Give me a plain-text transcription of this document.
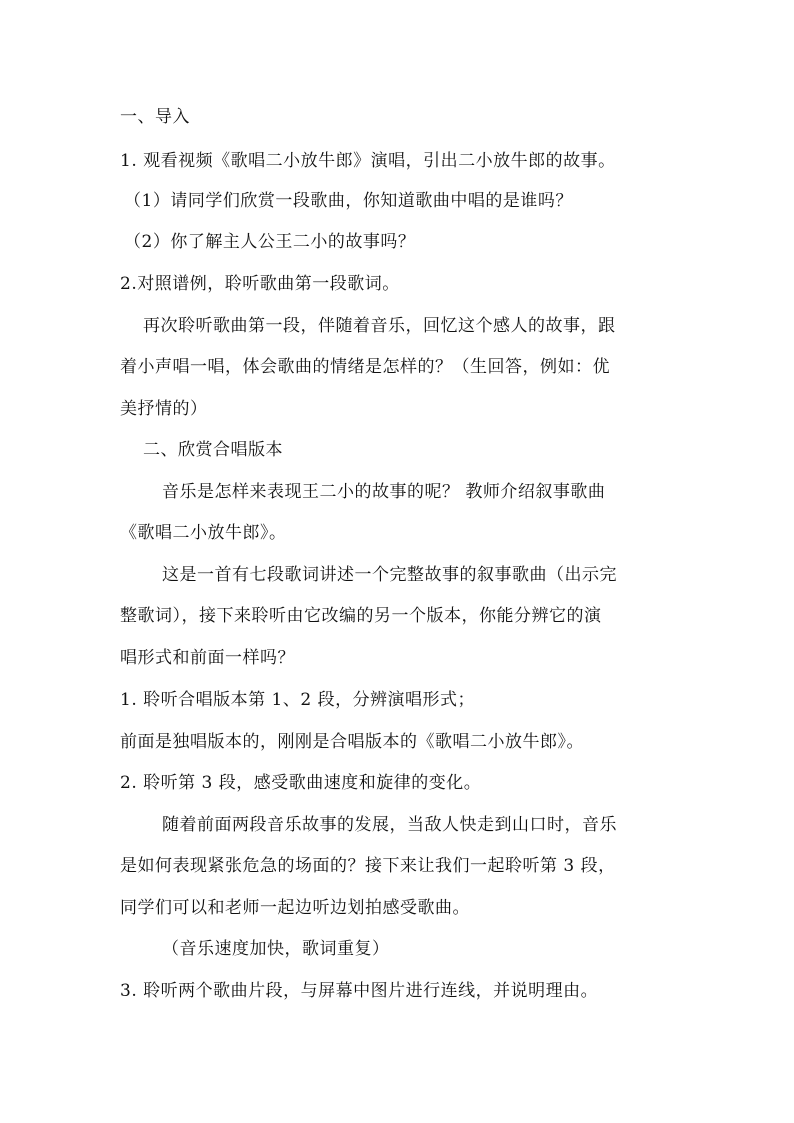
一、导入
1. 观看视频《歌唱二小放牛郎》演唱，引出二小放牛郎的故事。
（1）请同学们欣赏一段歌曲，你知道歌曲中唱的是谁吗？
（2）你了解主人公王二小的故事吗？
2.对照谱例，聆听歌曲第一段歌词。
再次聆听歌曲第一段，伴随着音乐，回忆这个感人的故事，跟
着小声唱一唱，体会歌曲的情绪是怎样的？（生回答，例如：优
美抒情的）
二、欣赏合唱版本
音乐是怎样来表现王二小的故事的呢？ 教师介绍叙事歌曲
《歌唱二小放牛郎》。
这是一首有七段歌词讲述一个完整故事的叙事歌曲（出示完
整歌词），接下来聆听由它改编的另一个版本，你能分辨它的演
唱形式和前面一样吗？
1. 聆听合唱版本第 1、2 段，分辨演唱形式；
前面是独唱版本的，刚刚是合唱版本的《歌唱二小放牛郎》。
2. 聆听第 3 段，感受歌曲速度和旋律的变化。
随着前面两段音乐故事的发展，当敌人快走到山口时，音乐
是如何表现紧张危急的场面的？接下来让我们一起聆听第 3 段，
同学们可以和老师一起边听边划拍感受歌曲。
（音乐速度加快，歌词重复）
3. 聆听两个歌曲片段，与屏幕中图片进行连线，并说明理由。
